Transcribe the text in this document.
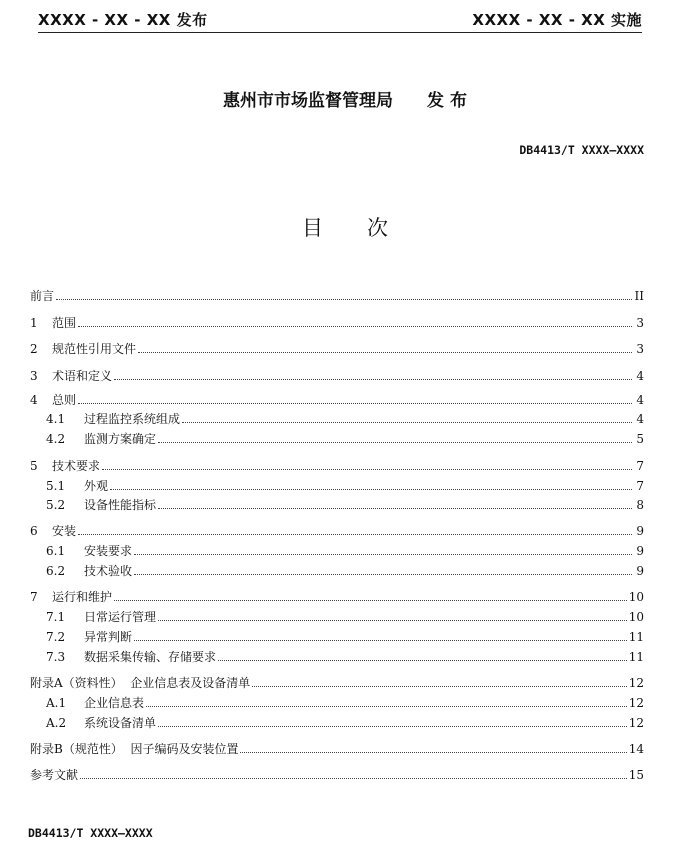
XXXX - XX - XX 发布	XXXX - XX - XX 实施
惠州市市场监督管理局 发 布
DB4413/T XXXX—XXXX
目 次
前言	II
1	范围	3
2	规范性引用文件	3
3	术语和定义	4
4	总则	4
4.1	过程监控系统组成	4
4.2	监测方案确定	5
5	技术要求	7
5.1	外观	7
5.2	设备性能指标	8
6	安装	9
6.1	安装要求	9
6.2	技术验收	9
7	运行和维护	10
7.1	日常运行管理	10
7.2	异常判断	11
7.3	数据采集传输、存储要求	11
附录A（资料性）  企业信息表及设备清单	12
A.1	企业信息表	12
A.2	系统设备清单	12
附录B（规范性）  因子编码及安装位置	14
参考文献	15
DB4413/T XXXX—XXXX
